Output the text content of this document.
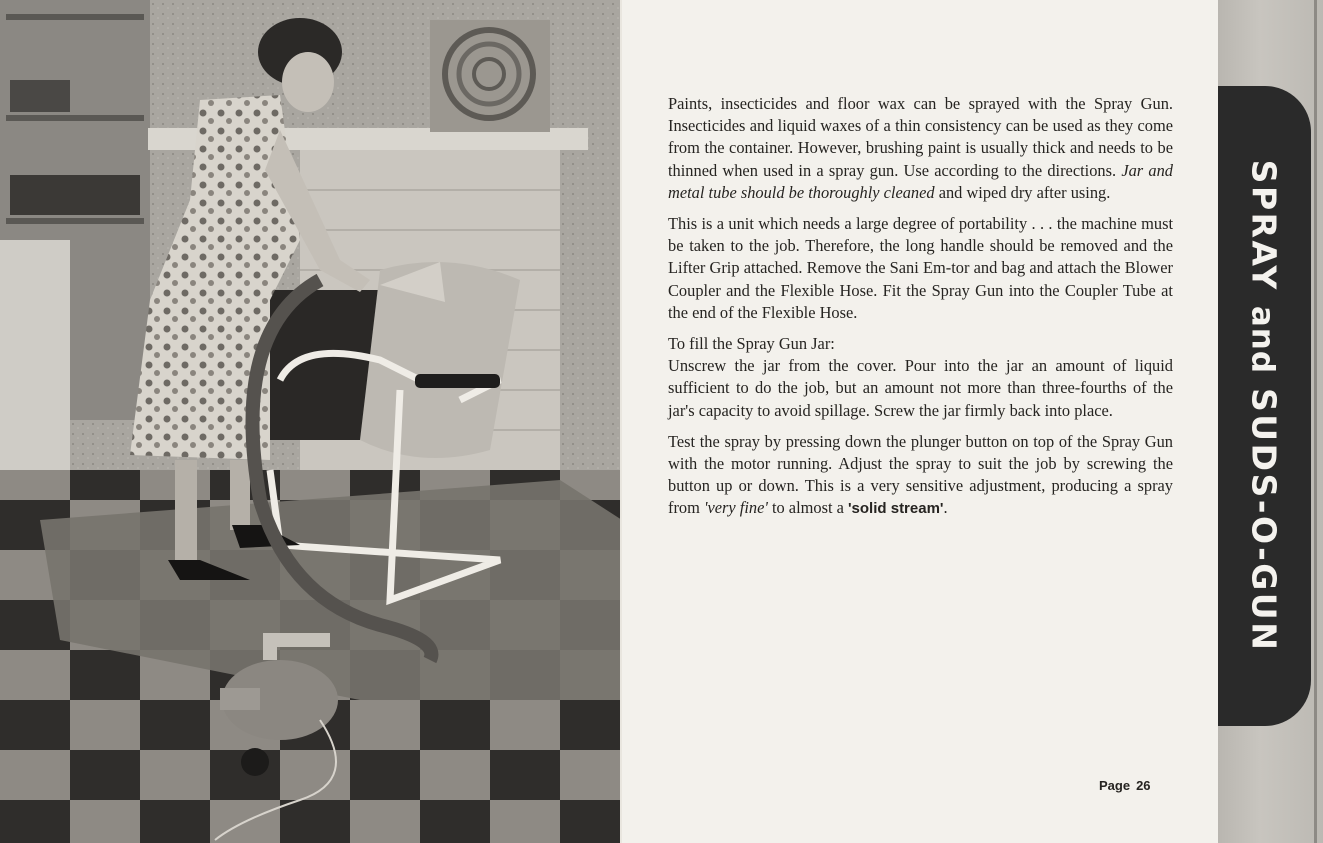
Paints, insecticides and floor wax can be sprayed with the Spray Gun. Insecticides and liquid waxes of a thin consistency can be used as they come from the container. However, brushing paint is usually thick and needs to be thinned when used in a spray gun. Use according to the directions. Jar and metal tube should be thoroughly cleaned and wiped dry after using.

This is a unit which needs a large degree of portability . . . the machine must be taken to the job. Therefore, the long handle should be removed and the Lifter Grip attached. Remove the Sani Em-tor and bag and attach the Blower Coupler and the Flexible Hose. Fit the Spray Gun into the Coupler Tube at the end of the Flexible Hose.

To fill the Spray Gun Jar:
Unscrew the jar from the cover. Pour into the jar an amount of liquid sufficient to do the job, but an amount not more than three-fourths of the jar's capacity to avoid spillage. Screw the jar firmly back into place.

Test the spray by pressing down the plunger button on top of the Spray Gun with the motor running. Adjust the spray to suit the job by screwing the button up or down. This is a very sensitive adjustment, producing a spray from 'very fine' to almost a 'solid stream'.

Page 26
SPRAYandSUDS-O-GUN
